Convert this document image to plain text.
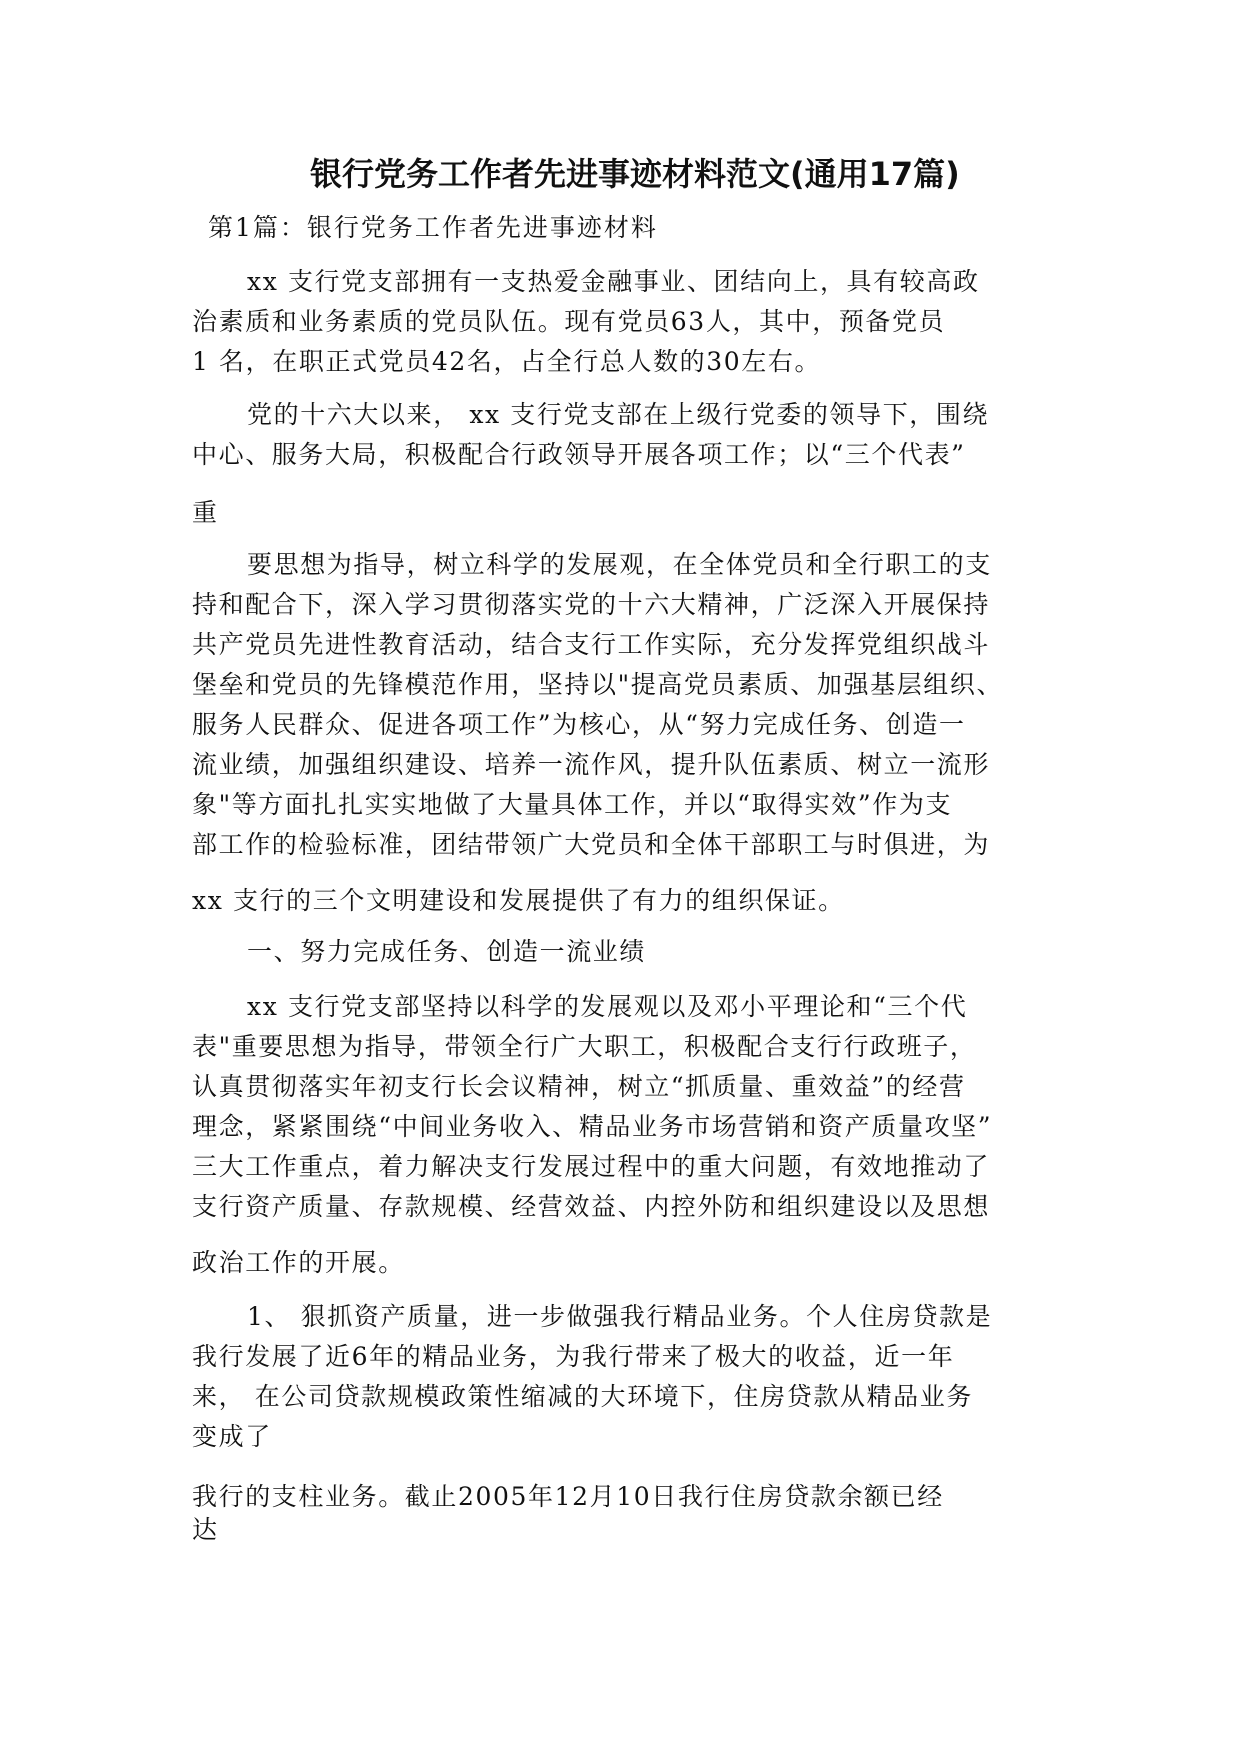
银行党务工作者先进事迹材料范文(通用17篇)
第1篇：银行党务工作者先进事迹材料
xx 支行党支部拥有一支热爱金融事业、团结向上，具有较高政
治素质和业务素质的党员队伍。现有党员63人，其中，预备党员
1 名，在职正式党员42名，占全行总人数的30左右。
党的十六大以来， xx 支行党支部在上级行党委的领导下，围绕
中心、服务大局，积极配合行政领导开展各项工作；以“三个代表”
重
要思想为指导，树立科学的发展观，在全体党员和全行职工的支
持和配合下，深入学习贯彻落实党的十六大精神，广泛深入开展保持
共产党员先进性教育活动，结合支行工作实际，充分发挥党组织战斗
堡垒和党员的先锋模范作用，坚持以"提高党员素质、加强基层组织、
服务人民群众、促进各项工作”为核心，从“努力完成任务、创造一
流业绩，加强组织建设、培养一流作风，提升队伍素质、树立一流形
象"等方面扎扎实实地做了大量具体工作，并以“取得实效”作为支
部工作的检验标准，团结带领广大党员和全体干部职工与时俱进，为
xx 支行的三个文明建设和发展提供了有力的组织保证。
一、努力完成任务、创造一流业绩
xx 支行党支部坚持以科学的发展观以及邓小平理论和“三个代
表"重要思想为指导，带领全行广大职工，积极配合支行行政班子，
认真贯彻落实年初支行长会议精神，树立“抓质量、重效益”的经营
理念，紧紧围绕“中间业务收入、精品业务市场营销和资产质量攻坚”
三大工作重点，着力解决支行发展过程中的重大问题，有效地推动了
支行资产质量、存款规模、经营效益、内控外防和组织建设以及思想
政治工作的开展。
1、 狠抓资产质量，进一步做强我行精品业务。个人住房贷款是
我行发展了近6年的精品业务，为我行带来了极大的收益，近一年
来， 在公司贷款规模政策性缩减的大环境下，住房贷款从精品业务
变成了
我行的支柱业务。截止2005年12月10日我行住房贷款余额已经
达
